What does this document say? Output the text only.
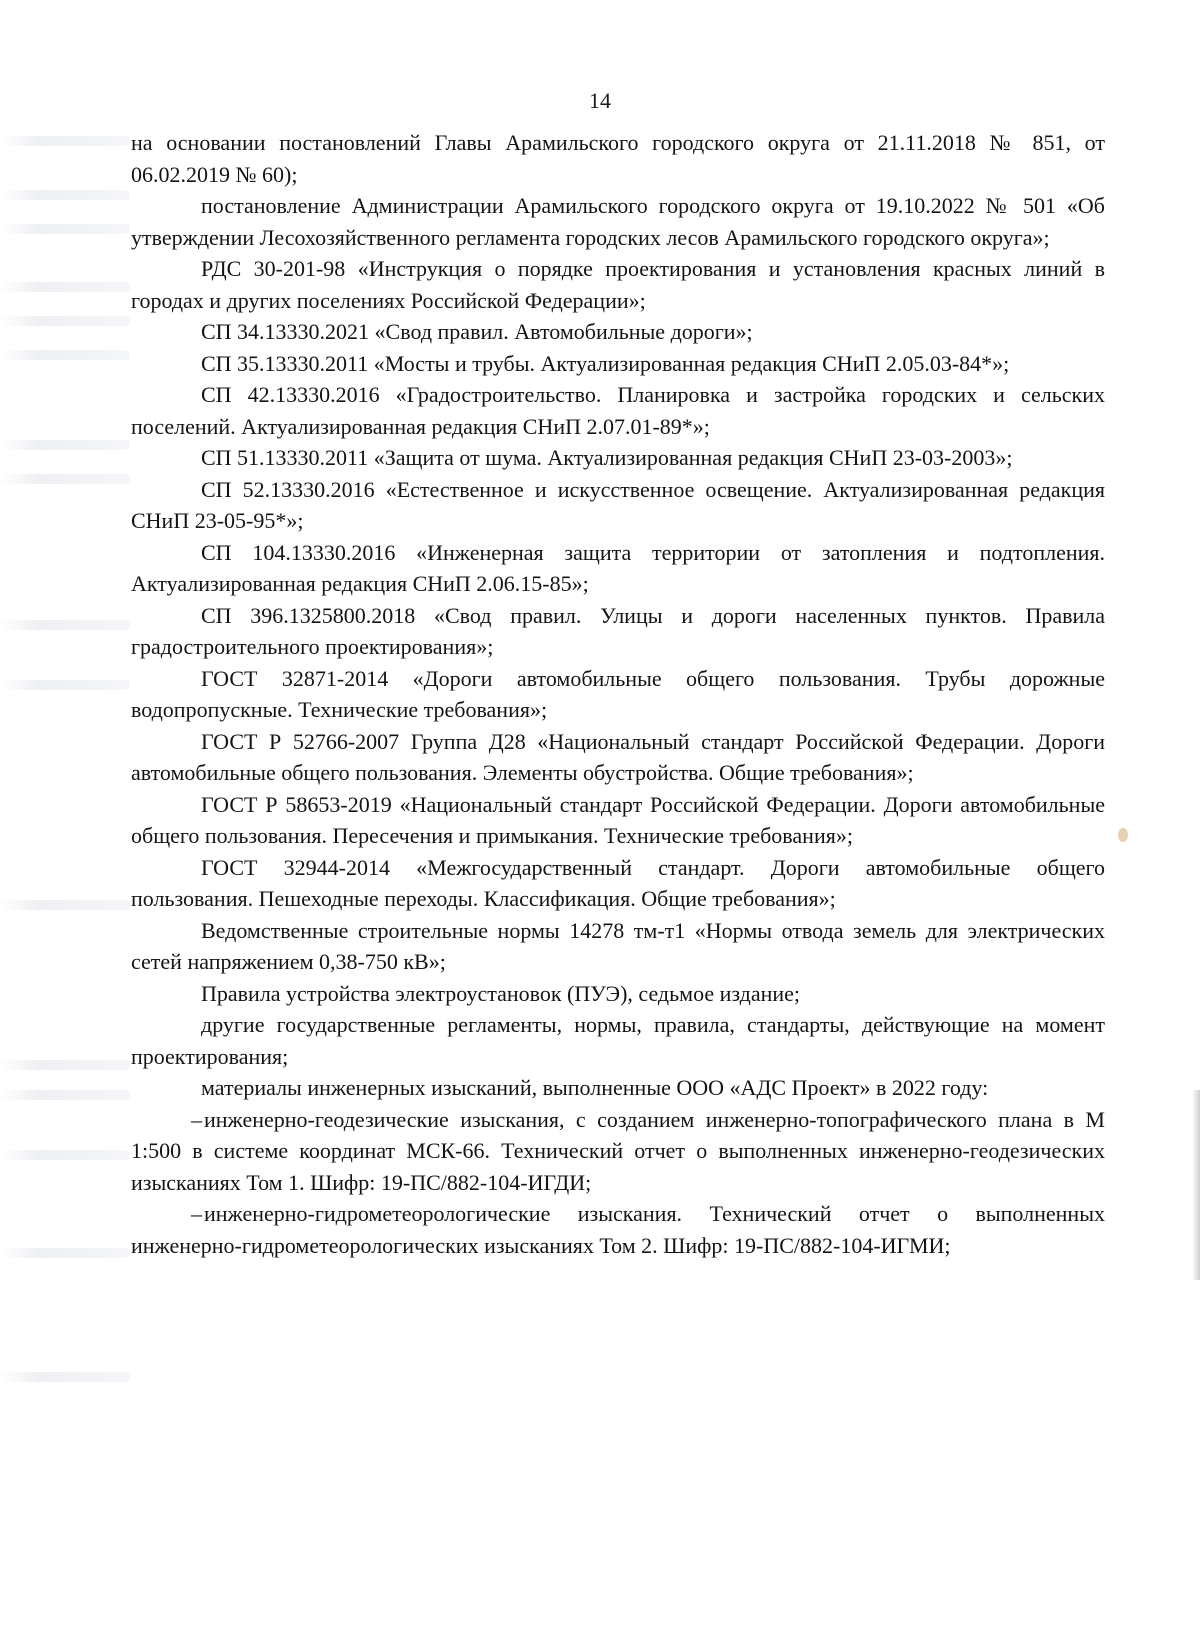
14

на основании постановлений Главы Арамильского городского округа от 21.11.2018 № 851, от 06.02.2019 № 60);

постановление Администрации Арамильского городского округа от 19.10.2022 № 501 «Об утверждении Лесохозяйственного регламента городских лесов Арамильского городского округа»;

РДС 30-201-98 «Инструкция о порядке проектирования и установления красных линий в городах и других поселениях Российской Федерации»;

СП 34.13330.2021 «Свод правил. Автомобильные дороги»;

СП 35.13330.2011 «Мосты и трубы. Актуализированная редакция СНиП 2.05.03-84*»;

СП 42.13330.2016 «Градостроительство. Планировка и застройка городских и сельских поселений. Актуализированная редакция СНиП 2.07.01-89*»;

СП 51.13330.2011 «Защита от шума. Актуализированная редакция СНиП 23-03-2003»;

СП 52.13330.2016 «Естественное и искусственное освещение. Актуализированная редакция СНиП 23-05-95*»;

СП 104.13330.2016 «Инженерная защита территории от затопления и подтопления. Актуализированная редакция СНиП 2.06.15-85»;

СП 396.1325800.2018 «Свод правил. Улицы и дороги населенных пунктов. Правила градостроительного проектирования»;

ГОСТ 32871-2014 «Дороги автомобильные общего пользования. Трубы дорожные водопропускные. Технические требования»;

ГОСТ Р 52766-2007 Группа Д28 «Национальный стандарт Российской Федерации. Дороги автомобильные общего пользования. Элементы обустройства. Общие требования»;

ГОСТ Р 58653-2019 «Национальный стандарт Российской Федерации. Дороги автомобильные общего пользования. Пересечения и примыкания. Технические требования»;

ГОСТ 32944-2014 «Межгосударственный стандарт. Дороги автомобильные общего пользования. Пешеходные переходы. Классификация. Общие требования»;

Ведомственные строительные нормы 14278 тм-т1 «Нормы отвода земель для электрических сетей напряжением 0,38-750 кВ»;

Правила устройства электроустановок (ПУЭ), седьмое издание;

другие государственные регламенты, нормы, правила, стандарты, действующие на момент проектирования;

материалы инженерных изысканий, выполненные ООО «АДС Проект» в 2022 году:

–инженерно-геодезические изыскания, с созданием инженерно-топографического плана в М 1:500 в системе координат МСК-66. Технический отчет о выполненных инженерно-геодезических изысканиях Том 1. Шифр: 19-ПС/882-104-ИГДИ;

–инженерно-гидрометеорологические изыскания. Технический отчет о выполненных инженерно-гидрометеорологических изысканиях Том 2. Шифр: 19-ПС/882-104-ИГМИ;
